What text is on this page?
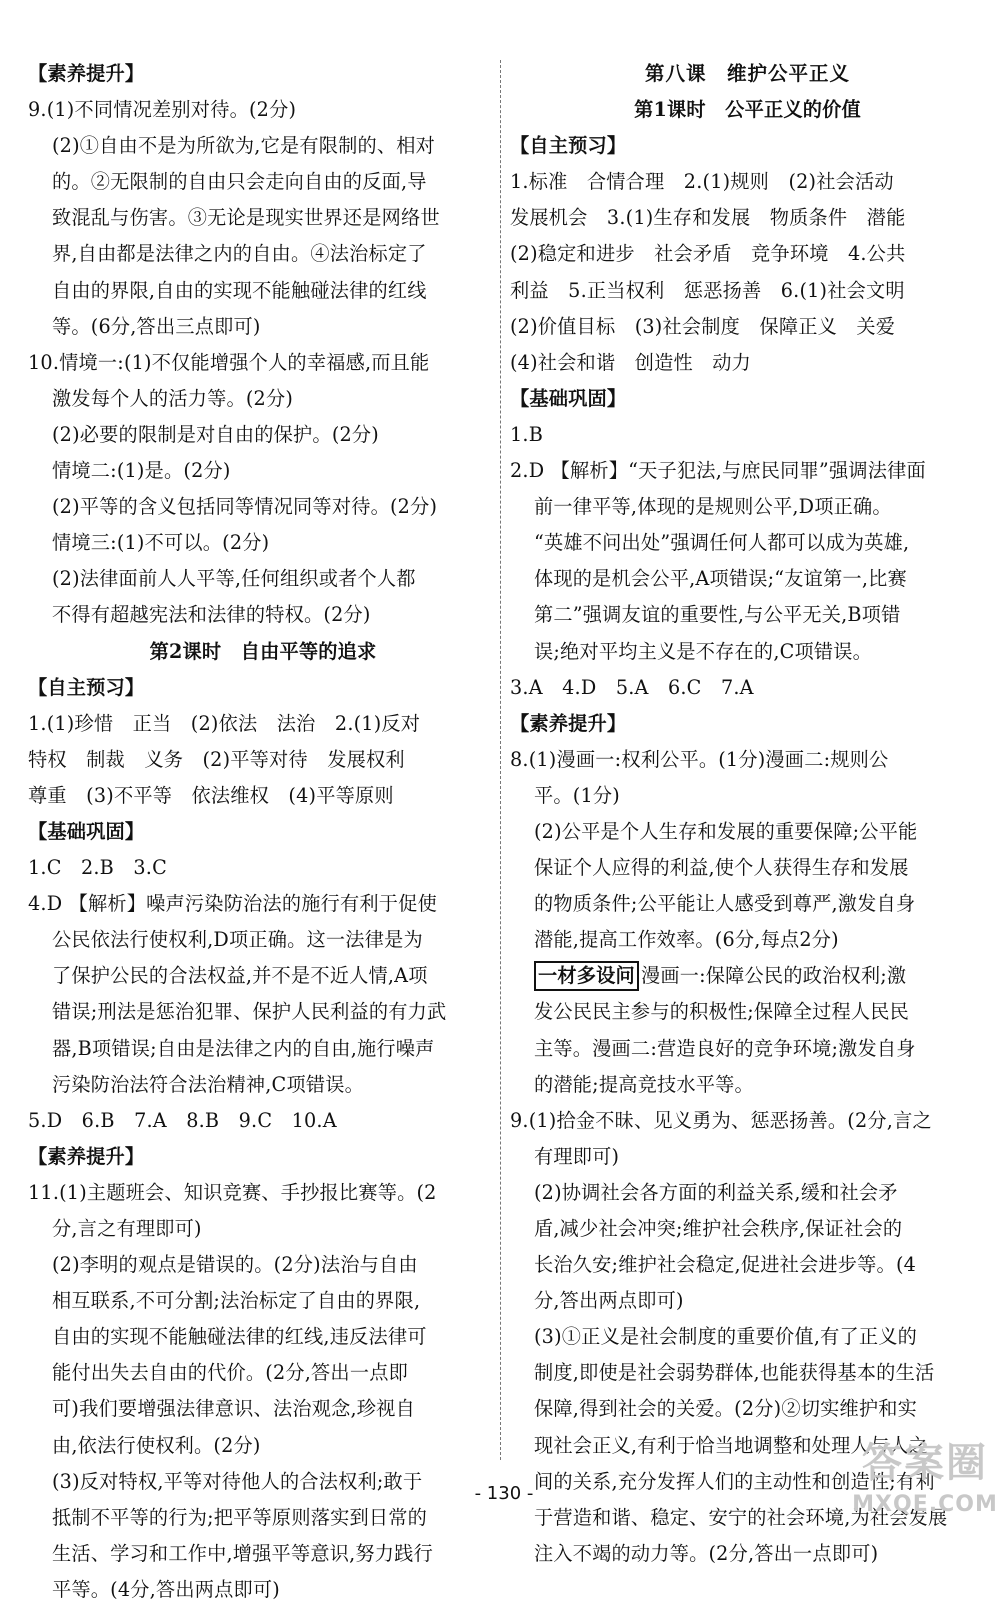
【素养提升】
9.(1)不同情况差别对待。(2分)
(2)①自由不是为所欲为,它是有限制的、相对
的。②无限制的自由只会走向自由的反面,导
致混乱与伤害。③无论是现实世界还是网络世
界,自由都是法律之内的自由。④法治标定了
自由的界限,自由的实现不能触碰法律的红线
等。(6分,答出三点即可)
10.情境一:(1)不仅能增强个人的幸福感,而且能
激发每个人的活力等。(2分)
(2)必要的限制是对自由的保护。(2分)
情境二:(1)是。(2分)
(2)平等的含义包括同等情况同等对待。(2分)
情境三:(1)不可以。(2分)
(2)法律面前人人平等,任何组织或者个人都
不得有超越宪法和法律的特权。(2分)
第2课时　自由平等的追求
【自主预习】
1.(1)珍惜　正当　(2)依法　法治　2.(1)反对
特权　制裁　义务　(2)平等对待　发展权利
尊重　(3)不平等　依法维权　(4)平等原则
【基础巩固】
1.C　2.B　3.C
4.D 【解析】噪声污染防治法的施行有利于促使
公民依法行使权利,D项正确。这一法律是为
了保护公民的合法权益,并不是不近人情,A项
错误;刑法是惩治犯罪、保护人民利益的有力武
器,B项错误;自由是法律之内的自由,施行噪声
污染防治法符合法治精神,C项错误。
5.D　6.B　7.A　8.B　9.C　10.A
【素养提升】
11.(1)主题班会、知识竞赛、手抄报比赛等。(2
分,言之有理即可)
(2)李明的观点是错误的。(2分)法治与自由
相互联系,不可分割;法治标定了自由的界限,
自由的实现不能触碰法律的红线,违反法律可
能付出失去自由的代价。(2分,答出一点即
可)我们要增强法律意识、法治观念,珍视自
由,依法行使权利。(2分)
(3)反对特权,平等对待他人的合法权利;敢于
抵制不平等的行为;把平等原则落实到日常的
生活、学习和工作中,增强平等意识,努力践行
平等。(4分,答出两点即可)
第八课　维护公平正义
第1课时　公平正义的价值
【自主预习】
1.标准　合情合理　2.(1)规则　(2)社会活动
发展机会　3.(1)生存和发展　物质条件　潜能
(2)稳定和进步　社会矛盾　竞争环境　4.公共
利益　5.正当权利　惩恶扬善　6.(1)社会文明
(2)价值目标　(3)社会制度　保障正义　关爱
(4)社会和谐　创造性　动力
【基础巩固】
1.B
2.D 【解析】“天子犯法,与庶民同罪”强调法律面
前一律平等,体现的是规则公平,D项正确。
“英雄不问出处”强调任何人都可以成为英雄,
体现的是机会公平,A项错误;“友谊第一,比赛
第二”强调友谊的重要性,与公平无关,B项错
误;绝对平均主义是不存在的,C项错误。
3.A　4.D　5.A　6.C　7.A
【素养提升】
8.(1)漫画一:权利公平。(1分)漫画二:规则公
平。(1分)
(2)公平是个人生存和发展的重要保障;公平能
保证个人应得的利益,使个人获得生存和发展
的物质条件;公平能让人感受到尊严,激发自身
潜能,提高工作效率。(6分,每点2分)
一材多设问 漫画一:保障公民的政治权利;激
发公民民主参与的积极性;保障全过程人民民
主等。漫画二:营造良好的竞争环境;激发自身
的潜能;提高竞技水平等。
9.(1)拾金不昧、见义勇为、惩恶扬善。(2分,言之
有理即可)
(2)协调社会各方面的利益关系,缓和社会矛
盾,减少社会冲突;维护社会秩序,保证社会的
长治久安;维护社会稳定,促进社会进步等。(4
分,答出两点即可)
(3)①正义是社会制度的重要价值,有了正义的
制度,即使是社会弱势群体,也能获得基本的生活
保障,得到社会的关爱。(2分)②切实维护和实
现社会正义,有利于恰当地调整和处理人与人之
间的关系,充分发挥人们的主动性和创造性;有利
于营造和谐、稳定、安宁的社会环境,为社会发展
注入不竭的动力等。(2分,答出一点即可)
- 130 -
答案圈
MXQE.COM
